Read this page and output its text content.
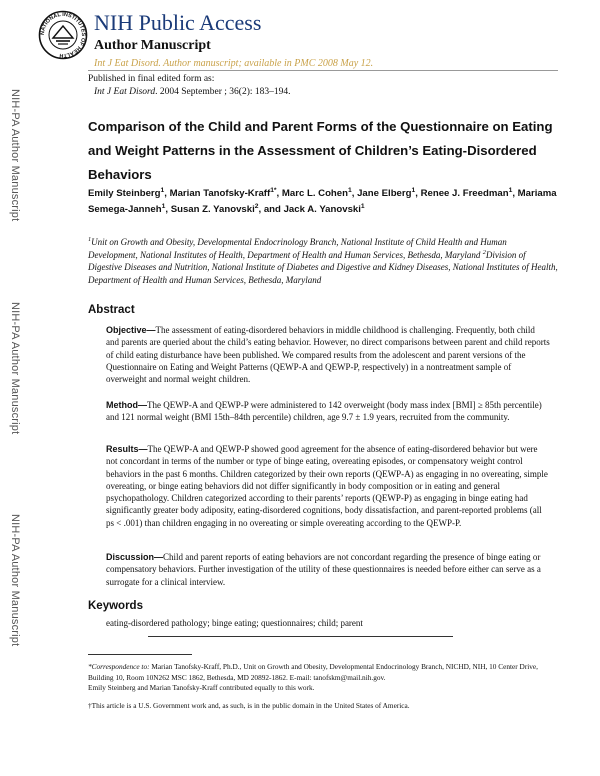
NATIONAL INSTITUTES OF HEALTH
NIH Public Access
Author Manuscript
Int J Eat Disord. Author manuscript; available in PMC 2008 May 12.
NIH-PA Author Manuscript
NIH-PA Author Manuscript
NIH-PA Author Manuscript
Published in final edited form as:
Int J Eat Disord. 2004 September ; 36(2): 183–194.
Comparison of the Child and Parent Forms of the Questionnaire on Eating and Weight Patterns in the Assessment of Children’s Eating-Disordered Behaviors
Emily Steinberg$^1$, Marian Tanofsky-Kraff$^{1*}$, Marc L. Cohen$^1$, Jane Elberg$^1$, Renee J. Freedman$^1$, Mariama Semega-Janneh$^1$, Susan Z. Yanovski$^2$, and Jack A. Yanovski$^1$
$^1$Unit on Growth and Obesity, Developmental Endocrinology Branch, National Institute of Child Health and Human Development, National Institutes of Health, Department of Health and Human Services, Bethesda, Maryland $^2$Division of Digestive Diseases and Nutrition, National Institute of Diabetes and Digestive and Kidney Diseases, National Institutes of Health, Department of Health and Human Services, Bethesda, Maryland
Abstract
Objective—The assessment of eating-disordered behaviors in middle childhood is challenging. Frequently, both child and parents are queried about the child’s eating behavior. However, no direct comparisons between parent and child reports of child eating disturbance have been published. We compared results from the adolescent and parent versions of the Questionnaire on Eating and Weight Patterns (QEWP-A and QEWP-P, respectively) in a nontreatment sample of overweight and normal weight children.
Method—The QEWP-A and QEWP-P were administered to 142 overweight (body mass index [BMI] ≥ 85th percentile) and 121 normal weight (BMI 15th–84th percentile) children, age 9.7 ± 1.9 years, recruited from the community.
Results—The QEWP-A and QEWP-P showed good agreement for the absence of eating-disordered behavior but were not concordant in terms of the number or type of binge eating, overeating episodes, or compensatory weight control behaviors in the past 6 months. Children categorized by their own reports (QEWP-A) as engaging in no overeating, simple overeating, or binge eating behaviors did not differ significantly in body composition or in eating and general psychopathology. Children categorized according to their parents’ reports (QEWP-P) as engaging in binge eating had significantly greater body adiposity, eating-disordered cognitions, body dissatisfaction, and parent-reported problems (all ps < .001) than children engaging in no overeating or simple overeating according to the QEWP-P.
Discussion—Child and parent reports of eating behaviors are not concordant regarding the presence of binge eating or compensatory behaviors. Further investigation of the utility of these questionnaires is needed before either can serve as a surrogate for a clinical interview.
Keywords
eating-disordered pathology; binge eating; questionnaires; child; parent

*Correspondence to: Marian Tanofsky-Kraff, Ph.D., Unit on Growth and Obesity, Developmental Endocrinology Branch, NICHD, NIH, 10 Center Drive, Building 10, Room 10N262 MSC 1862, Bethesda, MD 20892-1862. E-mail: tanofskm@mail.nih.gov.

Emily Steinberg and Marian Tanofsky-Kraff contributed equally to this work.

†This article is a U.S. Government work and, as such, is in the public domain in the United States of America.
